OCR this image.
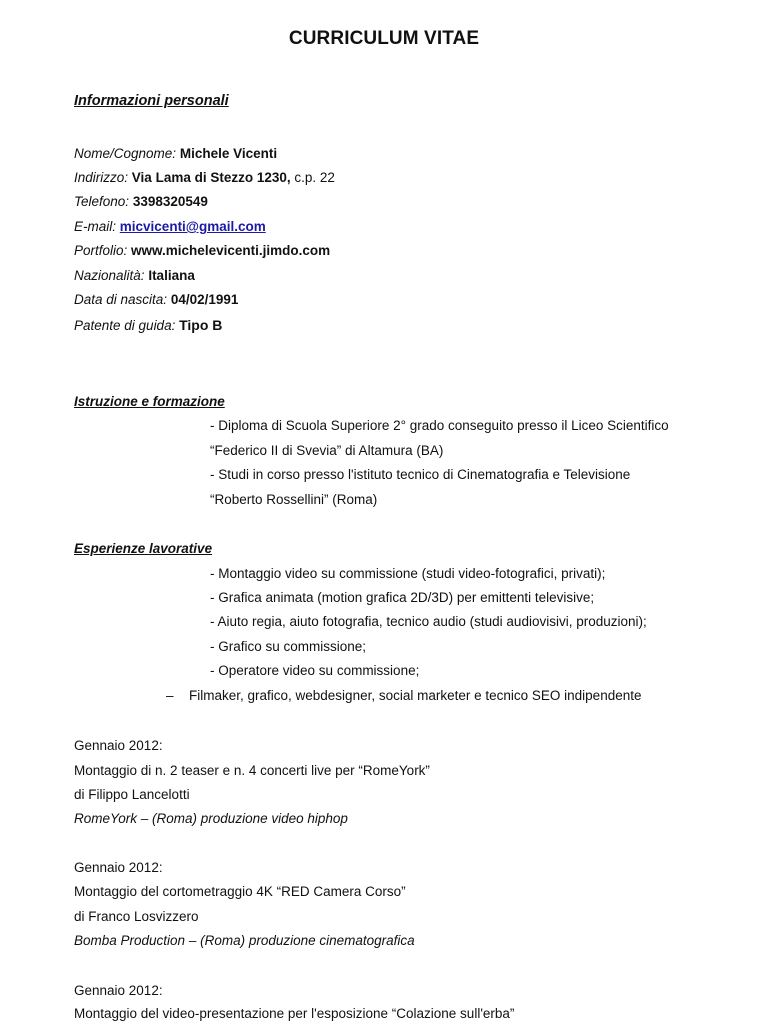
CURRICULUM VITAE
Informazioni personali
Nome/Cognome: Michele Vicenti
Indirizzo: Via Lama di Stezzo 1230, c.p. 22
Telefono: 3398320549
E-mail: micvicenti@gmail.com
Portfolio: www.michelevicenti.jimdo.com
Nazionalità: Italiana
Data di nascita: 04/02/1991
Patente di guida: Tipo B
Istruzione e formazione
- Diploma di Scuola Superiore 2° grado conseguito presso il Liceo Scientifico
“Federico II di Svevia” di Altamura (BA)
- Studi in corso presso l'istituto tecnico di Cinematografia e Televisione
“Roberto Rossellini” (Roma)
Esperienze lavorative
- Montaggio video su commissione (studi video-fotografici, privati);
- Grafica animata (motion grafica 2D/3D) per emittenti televisive;
- Aiuto regia, aiuto fotografia, tecnico audio (studi audiovisivi, produzioni);
- Grafico su commissione;
- Operatore video su commissione;
– Filmaker, grafico, webdesigner, social marketer e tecnico SEO indipendente
Gennaio 2012:
Montaggio di n. 2 teaser e n. 4 concerti live per “RomeYork”
di Filippo Lancelotti
RomeYork – (Roma) produzione video hiphop
Gennaio 2012:
Montaggio del cortometraggio 4K “RED Camera Corso”
di Franco Losvizzero
Bomba Production – (Roma) produzione cinematografica
Gennaio 2012:
Montaggio del video-presentazione per l'esposizione “Colazione sull'erba”
